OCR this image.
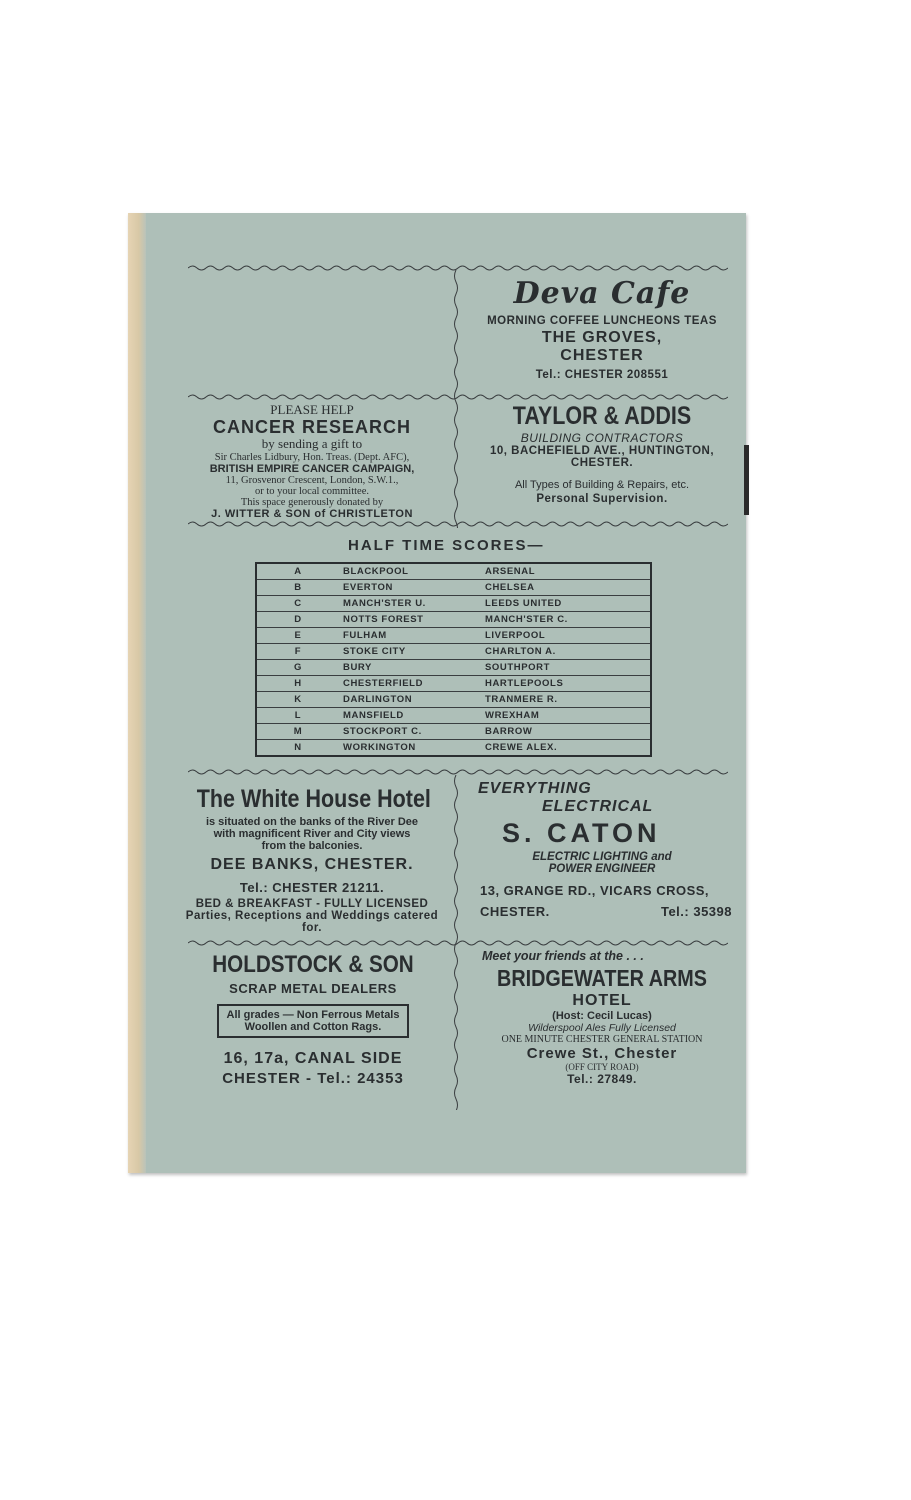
Deva Cafe
MORNING COFFEE LUNCHEONS TEAS
THE GROVES,
CHESTER
Tel.: CHESTER 208551
PLEASE HELP
CANCER RESEARCH
by sending a gift to
Sir Charles Lidbury, Hon. Treas. (Dept. AFC),
BRITISH EMPIRE CANCER CAMPAIGN,
11, Grosvenor Crescent, London, S.W.1.,
or to your local committee.
This space generously donated by
J. WITTER & SON of CHRISTLETON
TAYLOR & ADDIS
BUILDING CONTRACTORS
10, BACHEFIELD AVE., HUNTINGTON,
CHESTER.
All Types of Building & Repairs, etc.
Personal Supervision.
HALF TIME SCORES—
A	BLACKPOOL	ARSENAL
B	EVERTON	CHELSEA
C	MANCH'STER U.	LEEDS UNITED
D	NOTTS FOREST	MANCH'STER C.
E	FULHAM	LIVERPOOL
F	STOKE CITY	CHARLTON A.
G	BURY	SOUTHPORT
H	CHESTERFIELD	HARTLEPOOLS
K	DARLINGTON	TRANMERE R.
L	MANSFIELD	WREXHAM
M	STOCKPORT C.	BARROW
N	WORKINGTON	CREWE ALEX.
The White House Hotel
is situated on the banks of the River Dee
with magnificent River and City views
from the balconies.
DEE BANKS, CHESTER.
Tel.: CHESTER 21211.
BED & BREAKFAST - FULLY LICENSED
Parties, Receptions and Weddings catered for.
EVERYTHING
ELECTRICAL
S. CATON
ELECTRIC LIGHTING and
POWER ENGINEER
13, GRANGE RD., VICARS CROSS,
CHESTER.	Tel.: 35398
HOLDSTOCK & SON
SCRAP METAL DEALERS
All grades — Non Ferrous Metals
Woollen and Cotton Rags.
16, 17a, CANAL SIDE
CHESTER - Tel.: 24353
Meet your friends at the . . .
BRIDGEWATER ARMS
HOTEL
(Host: Cecil Lucas)
Wilderspool Ales Fully Licensed
ONE MINUTE CHESTER GENERAL STATION
Crewe St., Chester
(OFF CITY ROAD)
Tel.: 27849.
